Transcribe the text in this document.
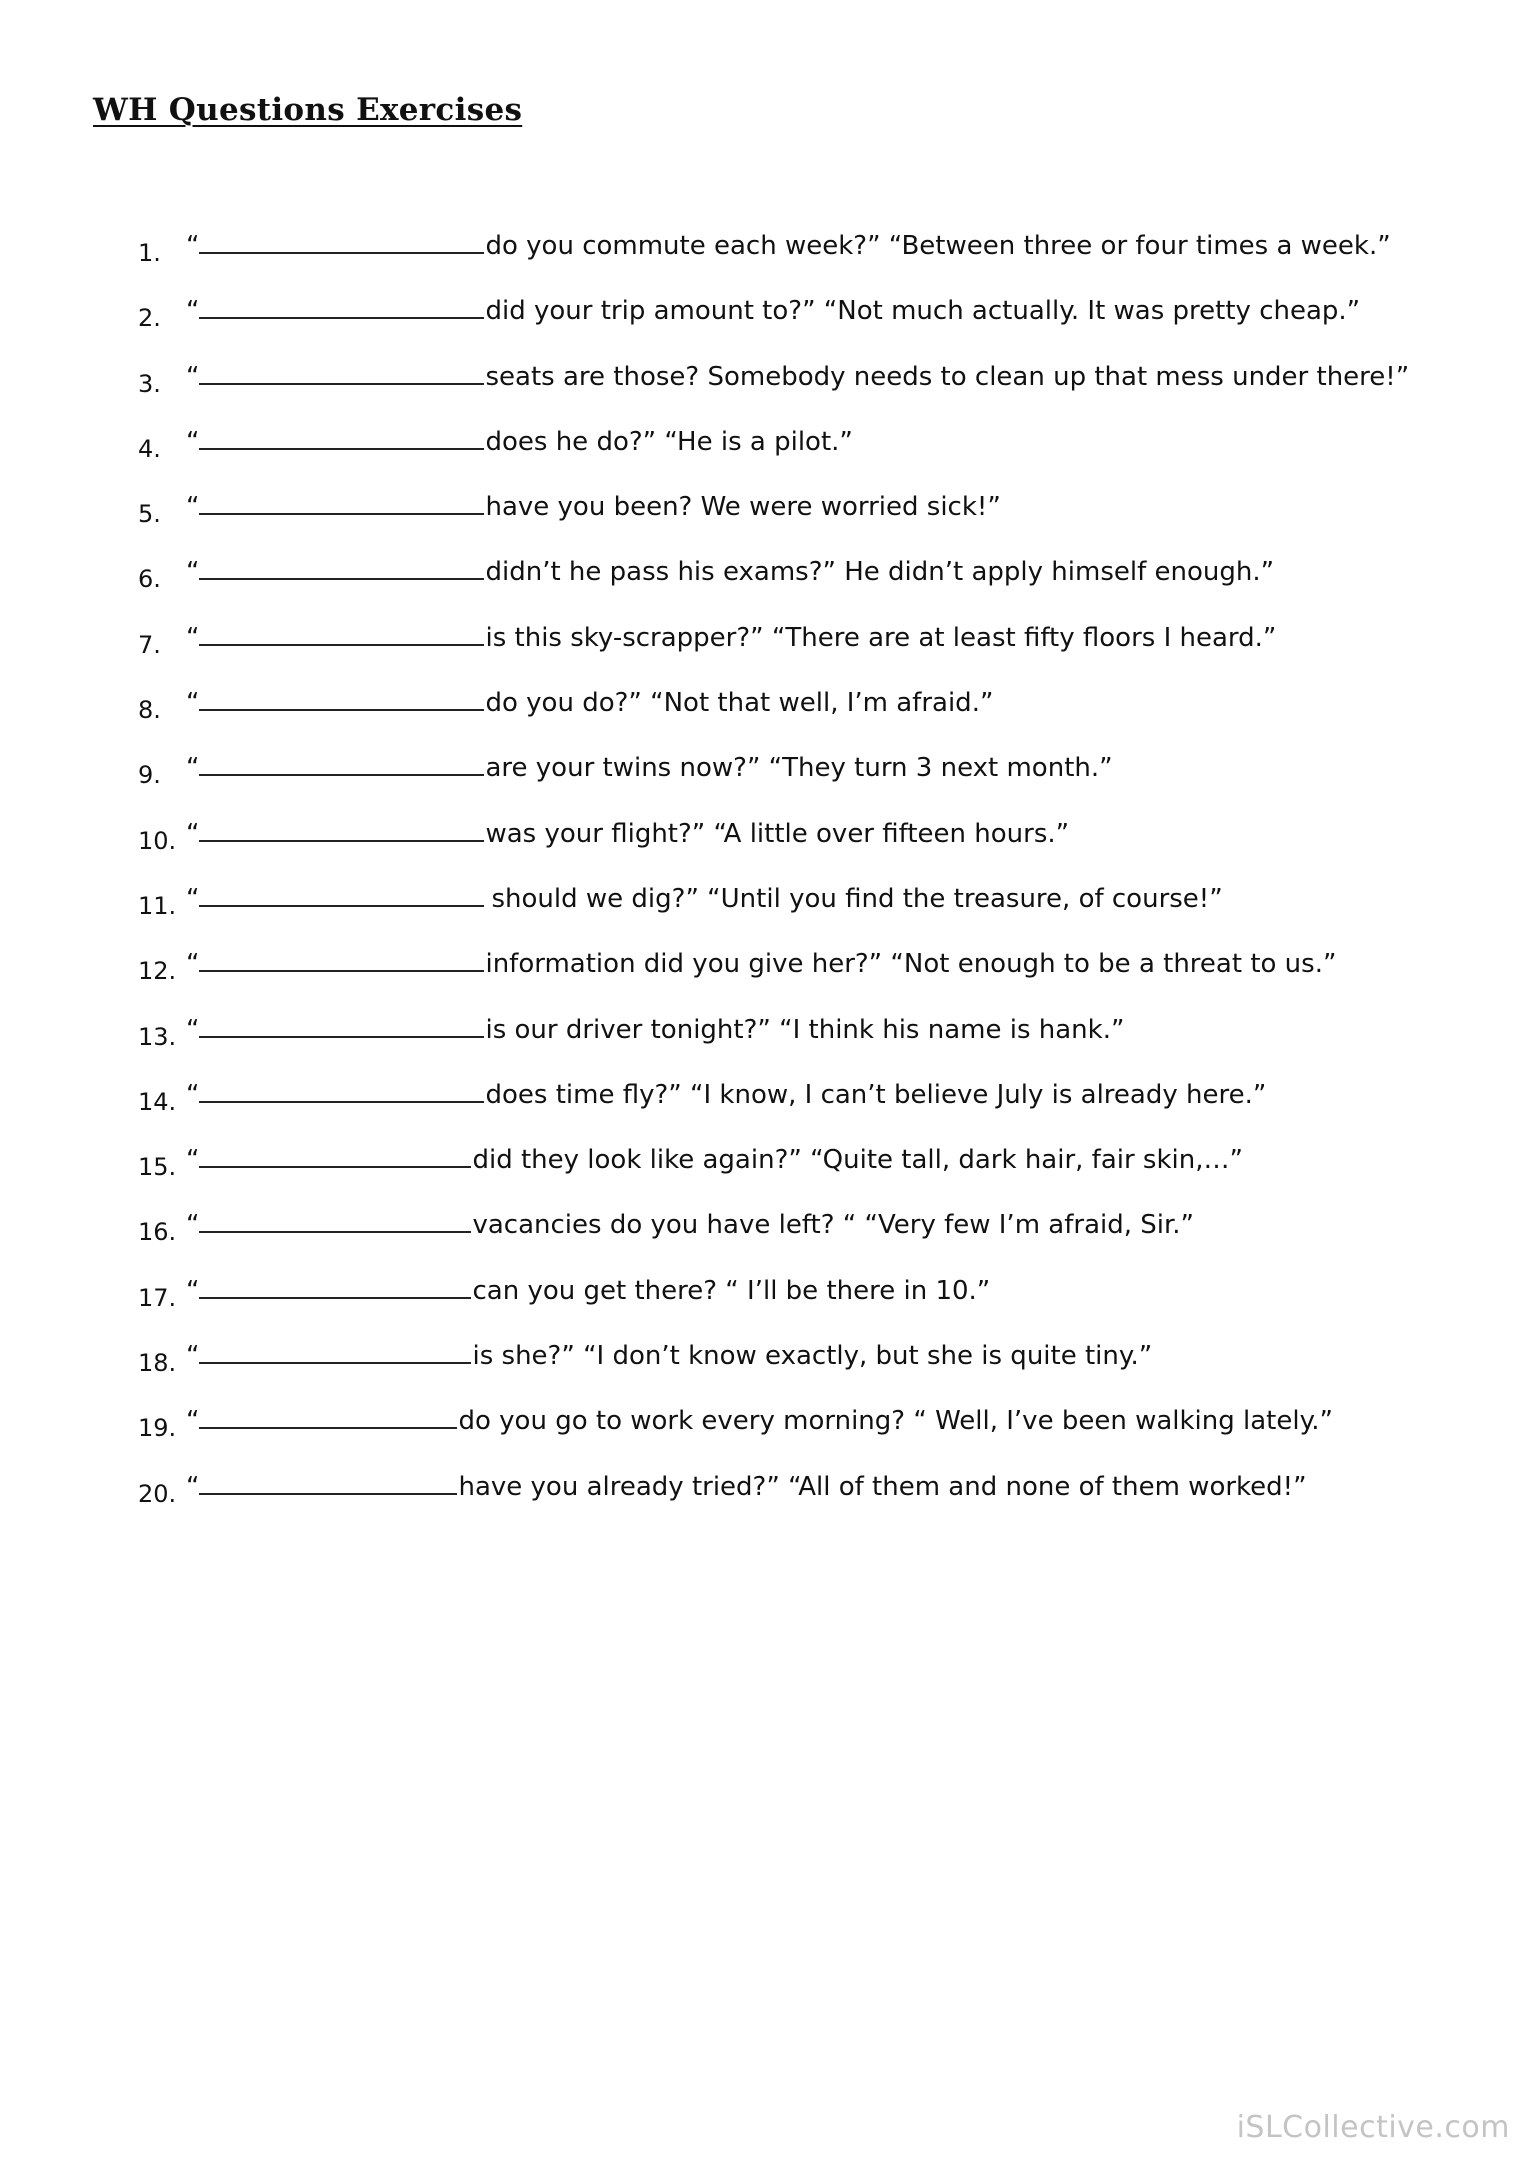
WH Questions Exercises
1. “	do you commute each week?” “Between three or four times a week.”
2. “	did your trip amount to?” “Not much actually. It was pretty cheap.”
3. “	seats are those? Somebody needs to clean up that mess under there!”
4. “	does he do?” “He is a pilot.”
5. “	have you been? We were worried sick!”
6. “	didn’t he pass his exams?” He didn’t apply himself enough.”
7. “	is this sky-scrapper?” “There are at least fifty floors I heard.”
8. “	do you do?” “Not that well, I’m afraid.”
9. “	are your twins now?” “They turn 3 next month.”
10. “	was your flight?” “A little over fifteen hours.”
11. “	should we dig?” “Until you find the treasure, of course!”
12. “	information did you give her?” “Not enough to be a threat to us.”
13. “	is our driver tonight?” “I think his name is hank.”
14. “	does time fly?” “I know, I can’t believe July is already here.”
15. “	did they look like again?” “Quite tall, dark hair, fair skin,…”
16. “	vacancies do you have left? “ “Very few I’m afraid, Sir.”
17. “	can you get there? “ I’ll be there in 10.”
18. “	is she?” “I don’t know exactly, but she is quite tiny.”
19. “	do you go to work every morning? “ Well, I’ve been walking lately.”
20. “	have you already tried?” “All of them and none of them worked!”
iSLCollective.com
